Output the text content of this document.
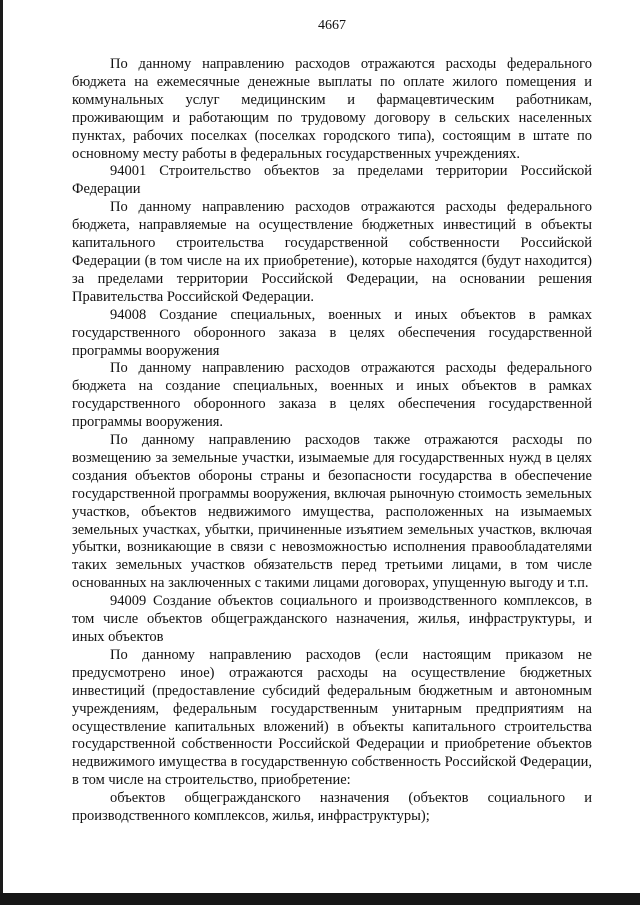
4667

По данному направлению расходов отражаются расходы федерального бюджета на ежемесячные денежные выплаты по оплате жилого помещения и коммунальных услуг медицинским и фармацевтическим работникам, проживающим и работающим по трудовому договору в сельских населенных пунктах, рабочих поселках (поселках городского типа), состоящим в штате по основному месту работы в федеральных государственных учреждениях.

94001 Строительство объектов за пределами территории Российской Федерации

По данному направлению расходов отражаются расходы федерального бюджета, направляемые на осуществление бюджетных инвестиций в объекты капитального строительства государственной собственности Российской Федерации (в том числе на их приобретение), которые находятся (будут находится) за пределами территории Российской Федерации, на основании решения Правительства Российской Федерации.

94008 Создание специальных, военных и иных объектов в рамках государственного оборонного заказа в целях обеспечения государственной программы вооружения

По данному направлению расходов отражаются расходы федерального бюджета на создание специальных, военных и иных объектов в рамках государственного оборонного заказа в целях обеспечения государственной программы вооружения.

По данному направлению расходов также отражаются расходы по возмещению за земельные участки, изымаемые для государственных нужд в целях создания объектов обороны страны и безопасности государства в обеспечение государственной программы вооружения, включая рыночную стоимость земельных участков, объектов недвижимого имущества, расположенных на изымаемых земельных участках, убытки, причиненные изъятием земельных участков, включая убытки, возникающие в связи с невозможностью исполнения правообладателями таких земельных участков обязательств перед третьими лицами, в том числе основанных на заключенных с такими лицами договорах, упущенную выгоду и т.п.

94009 Создание объектов социального и производственного комплексов, в том числе объектов общегражданского назначения, жилья, инфраструктуры, и иных объектов

По данному направлению расходов (если настоящим приказом не предусмотрено иное) отражаются расходы на осуществление бюджетных инвестиций (предоставление субсидий федеральным бюджетным и автономным учреждениям, федеральным государственным унитарным предприятиям на осуществление капитальных вложений) в объекты капитального строительства государственной собственности Российской Федерации и приобретение объектов недвижимого имущества в государственную собственность Российской Федерации, в том числе на строительство, приобретение:

объектов общегражданского назначения (объектов социального и производственного комплексов, жилья, инфраструктуры);
